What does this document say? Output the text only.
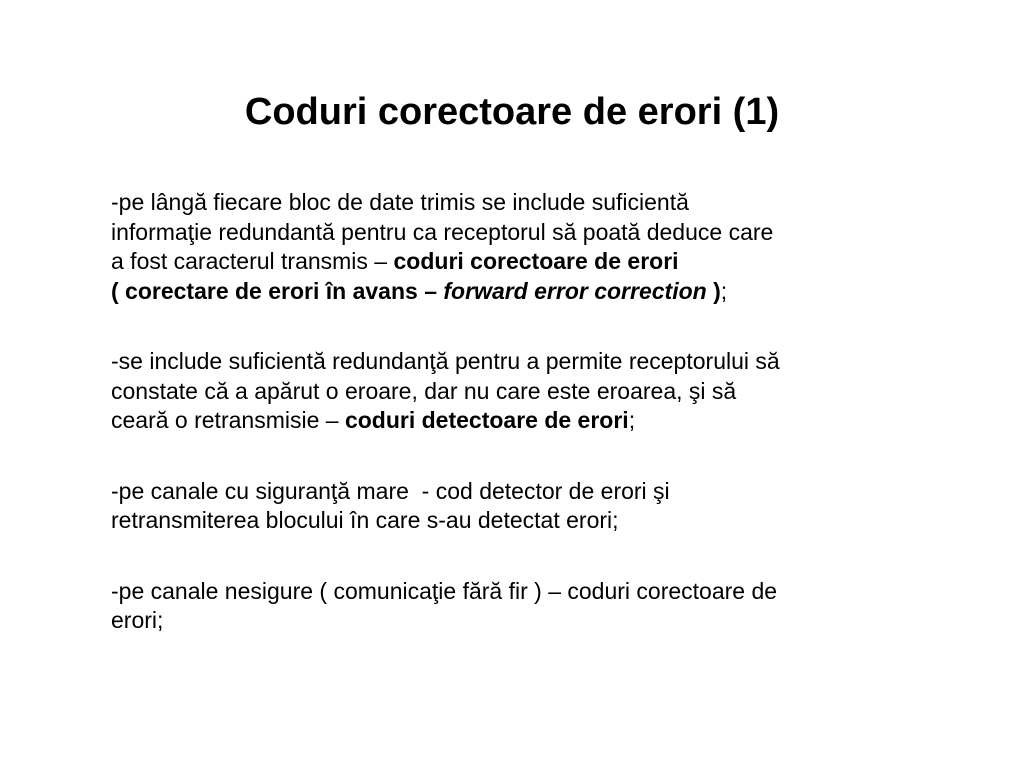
Coduri corectoare de erori (1)

-pe lângă fiecare bloc de date trimis se include suficientă
informaţie redundantă pentru ca receptorul să poată deduce care
a fost caracterul transmis – coduri corectoare de erori
( corectare de erori în avans – forward error correction );

-se include suficientă redundanţă pentru a permite receptorului să
constate că a apărut o eroare, dar nu care este eroarea, şi să
ceară o retransmisie – coduri detectoare de erori;

-pe canale cu siguranţă mare  - cod detector de erori şi
retransmiterea blocului în care s-au detectat erori;

-pe canale nesigure ( comunicaţie fără fir ) – coduri corectoare de
erori;
